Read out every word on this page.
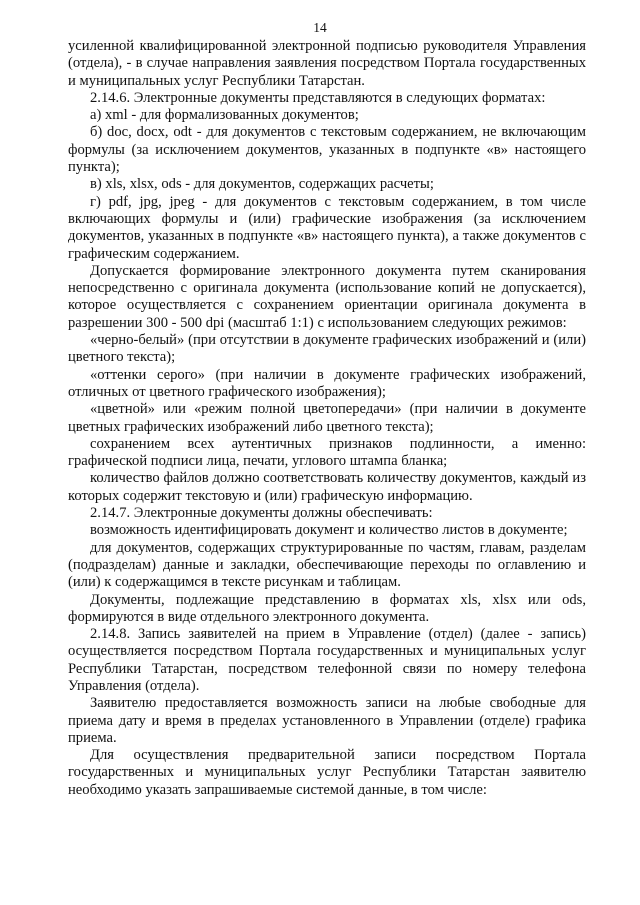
14

усиленной квалифицированной электронной подписью руководителя Управления (отдела), - в случае направления заявления посредством Портала государственных и муниципальных услуг Республики Татарстан.

2.14.6. Электронные документы представляются в следующих форматах:

а) xml - для формализованных документов;

б) doc, docx, odt - для документов с текстовым содержанием, не включающим формулы (за исключением документов, указанных в подпункте «в» настоящего пункта);

в) xls, xlsx, ods - для документов, содержащих расчеты;

г) pdf, jpg, jpeg - для документов с текстовым содержанием, в том числе включающих формулы и (или) графические изображения (за исключением документов, указанных в подпункте «в» настоящего пункта), а также документов с графическим содержанием.

Допускается формирование электронного документа путем сканирования непосредственно с оригинала документа (использование копий не допускается), которое осуществляется с сохранением ориентации оригинала документа в разрешении 300 - 500 dpi (масштаб 1:1) с использованием следующих режимов:

«черно-белый» (при отсутствии в документе графических изображений и (или) цветного текста);

«оттенки серого» (при наличии в документе графических изображений, отличных от цветного графического изображения);

«цветной» или «режим полной цветопередачи» (при наличии в документе цветных графических изображений либо цветного текста);

сохранением всех аутентичных признаков подлинности, а именно: графической подписи лица, печати, углового штампа бланка;

количество файлов должно соответствовать количеству документов, каждый из которых содержит текстовую и (или) графическую информацию.

2.14.7. Электронные документы должны обеспечивать:

возможность идентифицировать документ и количество листов в документе;

для документов, содержащих структурированные по частям, главам, разделам (подразделам) данные и закладки, обеспечивающие переходы по оглавлению и (или) к содержащимся в тексте рисункам и таблицам.

Документы, подлежащие представлению в форматах xls, xlsx или ods, формируются в виде отдельного электронного документа.

2.14.8. Запись заявителей на прием в Управление (отдел) (далее - запись) осуществляется посредством Портала государственных и муниципальных услуг Республики Татарстан, посредством телефонной связи по номеру телефона Управления (отдела).

Заявителю предоставляется возможность записи на любые свободные для приема дату и время в пределах установленного в Управлении (отделе) графика приема.

Для осуществления предварительной записи посредством Портала государственных и муниципальных услуг Республики Татарстан заявителю необходимо указать запрашиваемые системой данные, в том числе:
